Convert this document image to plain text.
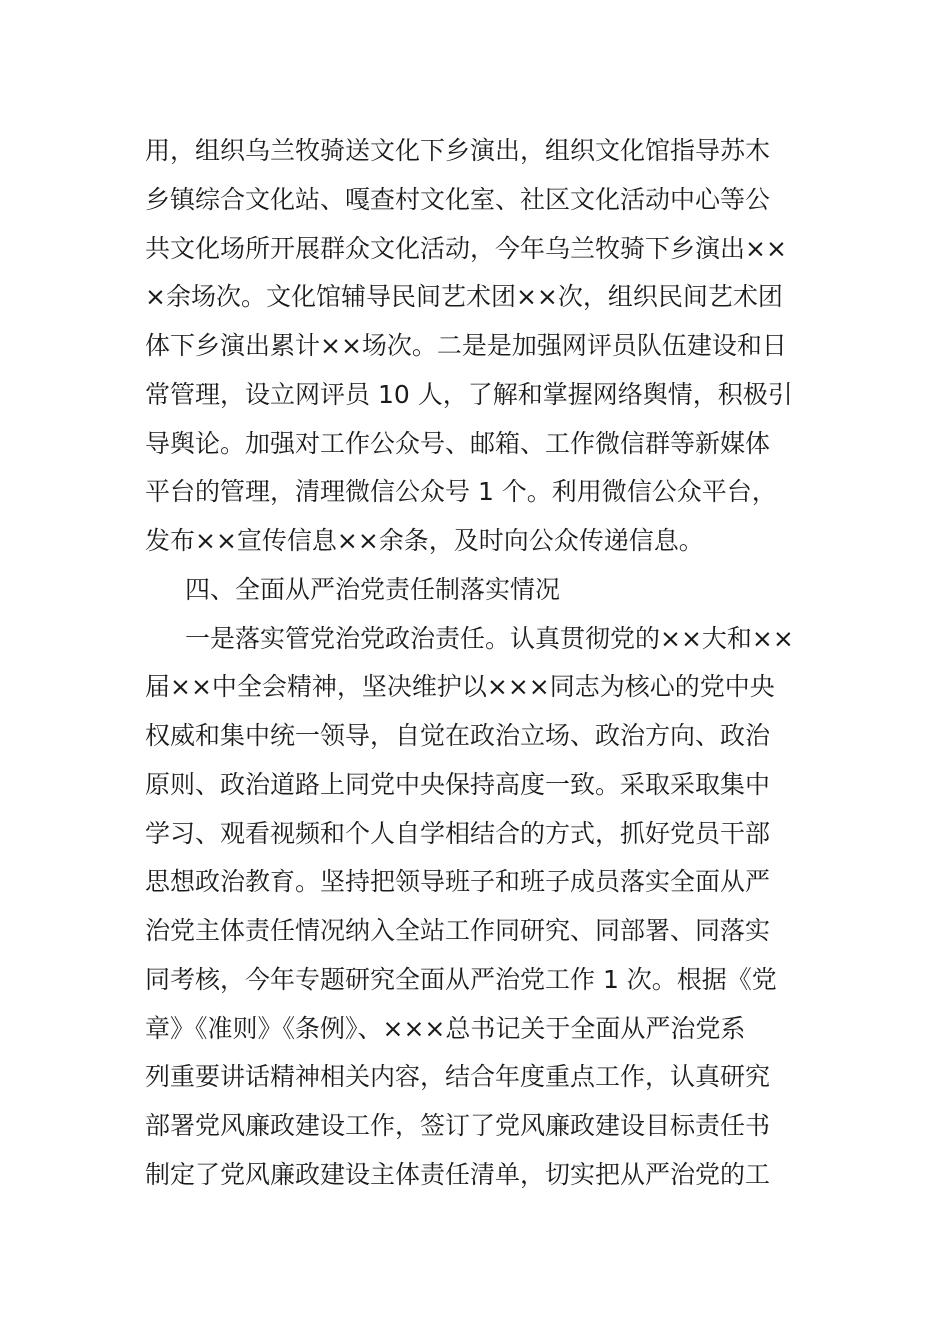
用，组织乌兰牧骑送文化下乡演出，组织文化馆指导苏木
乡镇综合文化站、嘎查村文化室、社区文化活动中心等公
共文化场所开展群众文化活动，今年乌兰牧骑下乡演出××
×余场次。文化馆辅导民间艺术团××次，组织民间艺术团
体下乡演出累计××场次。二是是加强网评员队伍建设和日
常管理，设立网评员 10 人，了解和掌握网络舆情，积极引
导舆论。加强对工作公众号、邮箱、工作微信群等新媒体
平台的管理，清理微信公众号 1 个。利用微信公众平台，
发布××宣传信息××余条，及时向公众传递信息。
四、全面从严治党责任制落实情况
一是落实管党治党政治责任。认真贯彻党的××大和××
届××中全会精神，坚决维护以×××同志为核心的党中央
权威和集中统一领导，自觉在政治立场、政治方向、政治
原则、政治道路上同党中央保持高度一致。采取采取集中
学习、观看视频和个人自学相结合的方式，抓好党员干部
思想政治教育。坚持把领导班子和班子成员落实全面从严
治党主体责任情况纳入全站工作同研究、同部署、同落实
同考核，今年专题研究全面从严治党工作 1 次。根据《党
章》《准则》《条例》、×××总书记关于全面从严治党系
列重要讲话精神相关内容，结合年度重点工作，认真研究
部署党风廉政建设工作，签订了党风廉政建设目标责任书
制定了党风廉政建设主体责任清单，切实把从严治党的工
